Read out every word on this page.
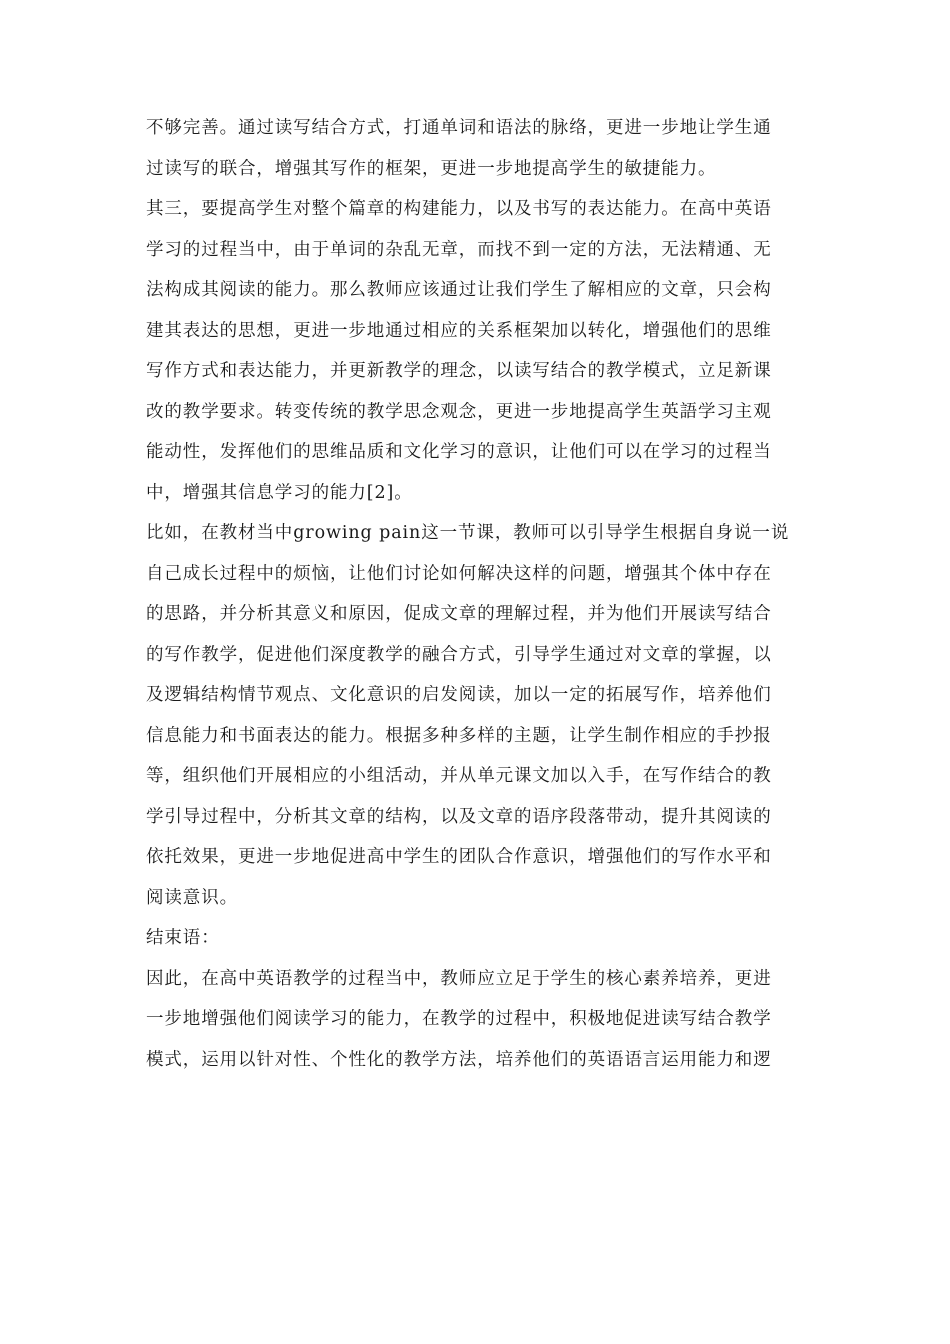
不够完善。通过读写结合方式，打通单词和语法的脉络，更进一步地让学生通
过读写的联合，增强其写作的框架，更进一步地提高学生的敏捷能力。
其三，要提高学生对整个篇章的构建能力，以及书写的表达能力。在高中英语
学习的过程当中，由于单词的杂乱无章，而找不到一定的方法，无法精通、无
法构成其阅读的能力。那么教师应该通过让我们学生了解相应的文章，只会构
建其表达的思想，更进一步地通过相应的关系框架加以转化，增强他们的思维
写作方式和表达能力，并更新教学的理念，以读写结合的教学模式，立足新课
改的教学要求。转变传统的教学思念观念，更进一步地提高学生英語学习主观
能动性，发挥他们的思维品质和文化学习的意识，让他们可以在学习的过程当
中，增强其信息学习的能力[2]。
比如，在教材当中growing pain这一节课，教师可以引导学生根据自身说一说
自己成长过程中的烦恼，让他们讨论如何解决这样的问题，增强其个体中存在
的思路，并分析其意义和原因，促成文章的理解过程，并为他们开展读写结合
的写作教学，促进他们深度教学的融合方式，引导学生通过对文章的掌握，以
及逻辑结构情节观点、文化意识的启发阅读，加以一定的拓展写作，培养他们
信息能力和书面表达的能力。根据多种多样的主题，让学生制作相应的手抄报
等，组织他们开展相应的小组活动，并从单元课文加以入手，在写作结合的教
学引导过程中，分析其文章的结构，以及文章的语序段落带动，提升其阅读的
依托效果，更进一步地促进高中学生的团队合作意识，增强他们的写作水平和
阅读意识。
结束语：
因此，在高中英语教学的过程当中，教师应立足于学生的核心素养培养，更进
一步地增强他们阅读学习的能力，在教学的过程中，积极地促进读写结合教学
模式，运用以针对性、个性化的教学方法，培养他们的英语语言运用能力和逻
